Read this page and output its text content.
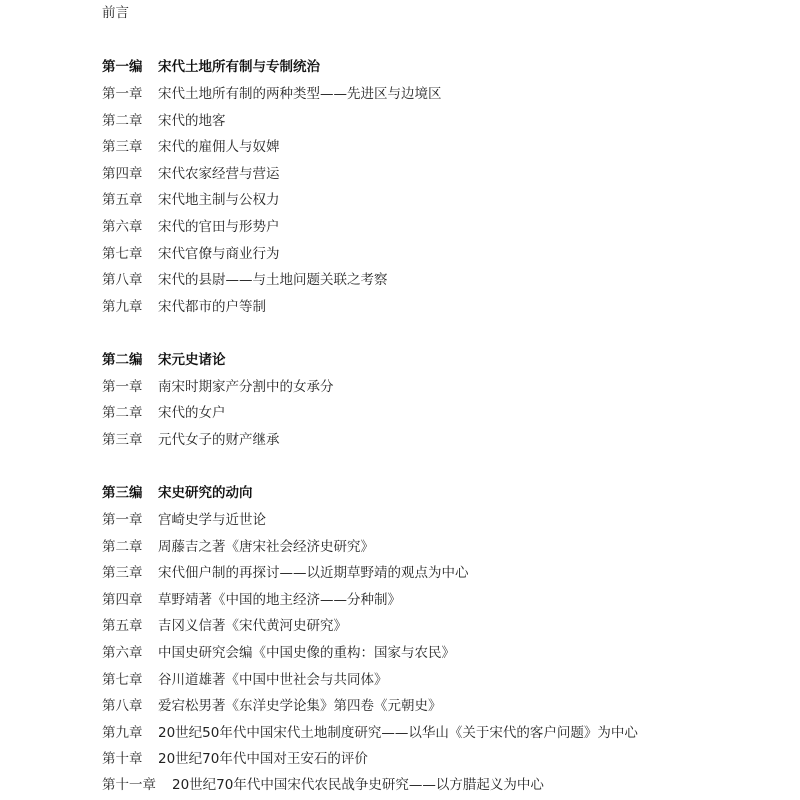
前言
第一编 宋代土地所有制与专制统治
第一章 宋代土地所有制的两种类型——先进区与边境区
第二章 宋代的地客
第三章 宋代的雇佣人与奴婢
第四章 宋代农家经营与营运
第五章 宋代地主制与公权力
第六章 宋代的官田与形势户
第七章 宋代官僚与商业行为
第八章 宋代的县尉——与土地问题关联之考察
第九章 宋代都市的户等制
第二编 宋元史诸论
第一章 南宋时期家产分割中的女承分
第二章 宋代的女户
第三章 元代女子的财产继承
第三编 宋史研究的动向
第一章 宫崎史学与近世论
第二章 周藤吉之著《唐宋社会经济史研究》
第三章 宋代佃户制的再探讨——以近期草野靖的观点为中心
第四章 草野靖著《中国的地主经济——分种制》
第五章 吉冈义信著《宋代黄河史研究》
第六章 中国史研究会编《中国史像的重构：国家与农民》
第七章 谷川道雄著《中国中世社会与共同体》
第八章 爱宕松男著《东洋史学论集》第四卷《元朝史》
第九章 20世纪50年代中国宋代土地制度研究——以华山《关于宋代的客户问题》为中心
第十章 20世纪70年代中国对王安石的评价
第十一章 20世纪70年代中国宋代农民战争史研究——以方腊起义为中心
